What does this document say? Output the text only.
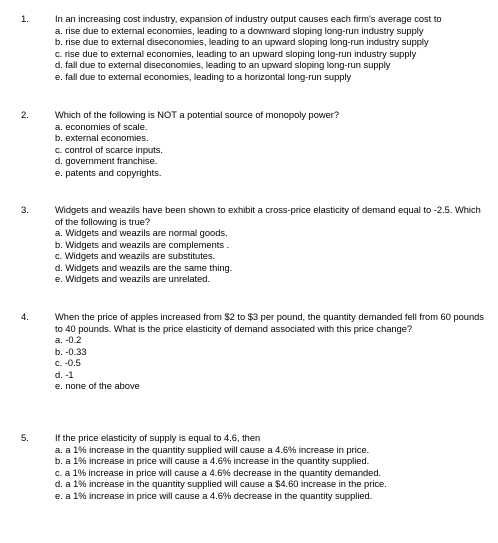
1.	In an increasing cost industry, expansion of industry output causes each firm's average cost to

a. rise due to external economies, leading to a downward sloping long-run industry supply
b. rise due to external diseconomies, leading to an upward sloping long-run industry supply
c. rise due to external economies, leading to an upward sloping long-run industry supply
d. fall due to external diseconomies, leading to an upward sloping long-run supply
e. fall due to external economies, leading to a horizontal long-run supply
2.	Which of the following is NOT a potential source of monopoly power?

a. economies of scale.
b. external economies.
c. control of scarce inputs.
d. government franchise.
e. patents and copyrights.
3.	Widgets and weazils have been shown to exhibit a cross-price elasticity of demand equal to -2.5. Which of the following is true?

a. Widgets and weazils are normal goods.
b. Widgets and weazils are complements .
c. Widgets and weazils are substitutes.
d. Widgets and weazils are the same thing.
e. Widgets and weazils are unrelated.
4.	When the price of apples increased from $2 to $3 per pound, the quantity demanded fell from 60 pounds to 40 pounds. What is the price elasticity of demand associated with this price change?

a. -0.2
b. -0.33
c. -0.5
d. -1
e. none of the above
5.	If the price elasticity of supply is equal to 4.6, then

a. a 1% increase in the quantity supplied will cause a 4.6% increase in price.
b. a 1% increase in price will cause a 4.6% increase in the quantity supplied.
c. a 1% increase in price will cause a 4.6% decrease in the quantity demanded.
d. a 1% increase in the quantity supplied will cause a $4.60 increase in the price.
e. a 1% increase in price will cause a 4.6% decrease in the quantity supplied.
